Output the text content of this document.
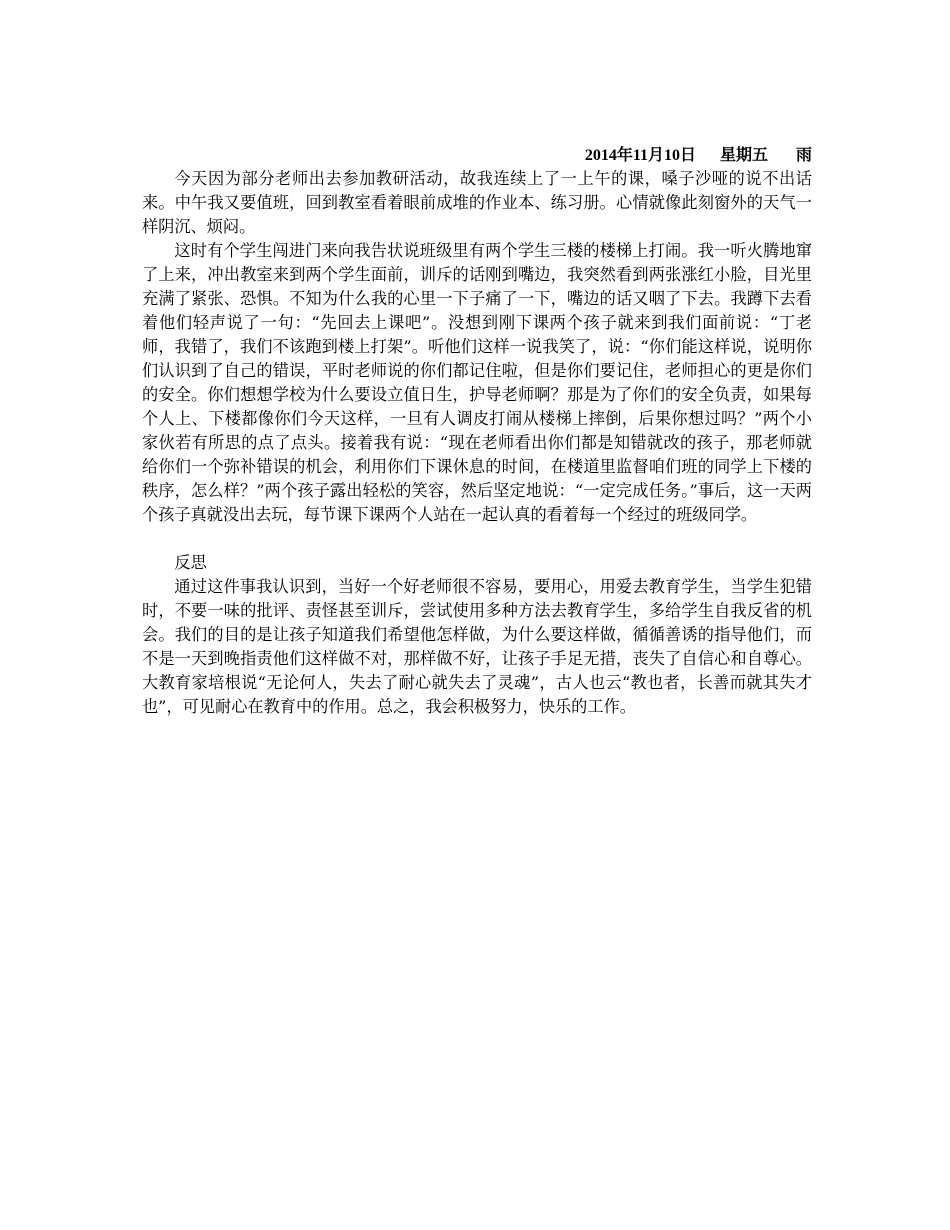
2014年11月10日      星期五       雨

今天因为部分老师出去参加教研活动，故我连续上了一上午的课，嗓子沙哑的说不出话来。中午我又要值班，回到教室看着眼前成堆的作业本、练习册。心情就像此刻窗外的天气一样阴沉、烦闷。

这时有个学生闯进门来向我告状说班级里有两个学生三楼的楼梯上打闹。我一听火腾地窜了上来，冲出教室来到两个学生面前，训斥的话刚到嘴边，我突然看到两张涨红小脸，目光里充满了紧张、恐惧。不知为什么我的心里一下子痛了一下，嘴边的话又咽了下去。我蹲下去看着他们轻声说了一句：“先回去上课吧”。没想到刚下课两个孩子就来到我们面前说：“丁老师，我错了，我们不该跑到楼上打架”。听他们这样一说我笑了，说：“你们能这样说，说明你们认识到了自己的错误，平时老师说的你们都记住啦，但是你们要记住，老师担心的更是你们的安全。你们想想学校为什么要设立值日生，护导老师啊？那是为了你们的安全负责，如果每个人上、下楼都像你们今天这样，一旦有人调皮打闹从楼梯上摔倒，后果你想过吗？”两个小家伙若有所思的点了点头。接着我有说：“现在老师看出你们都是知错就改的孩子，那老师就给你们一个弥补错误的机会，利用你们下课休息的时间，在楼道里监督咱们班的同学上下楼的秩序，怎么样？”两个孩子露出轻松的笑容，然后坚定地说：“一定完成任务。”事后，这一天两个孩子真就没出去玩，每节课下课两个人站在一起认真的看着每一个经过的班级同学。

反思

通过这件事我认识到，当好一个好老师很不容易，要用心，用爱去教育学生，当学生犯错时，不要一味的批评、责怪甚至训斥，尝试使用多种方法去教育学生，多给学生自我反省的机会。我们的目的是让孩子知道我们希望他怎样做，为什么要这样做，循循善诱的指导他们，而不是一天到晚指责他们这样做不对，那样做不好，让孩子手足无措，丧失了自信心和自尊心。大教育家培根说“无论何人，失去了耐心就失去了灵魂”，古人也云“教也者，长善而就其失才也”，可见耐心在教育中的作用。总之，我会积极努力，快乐的工作。
